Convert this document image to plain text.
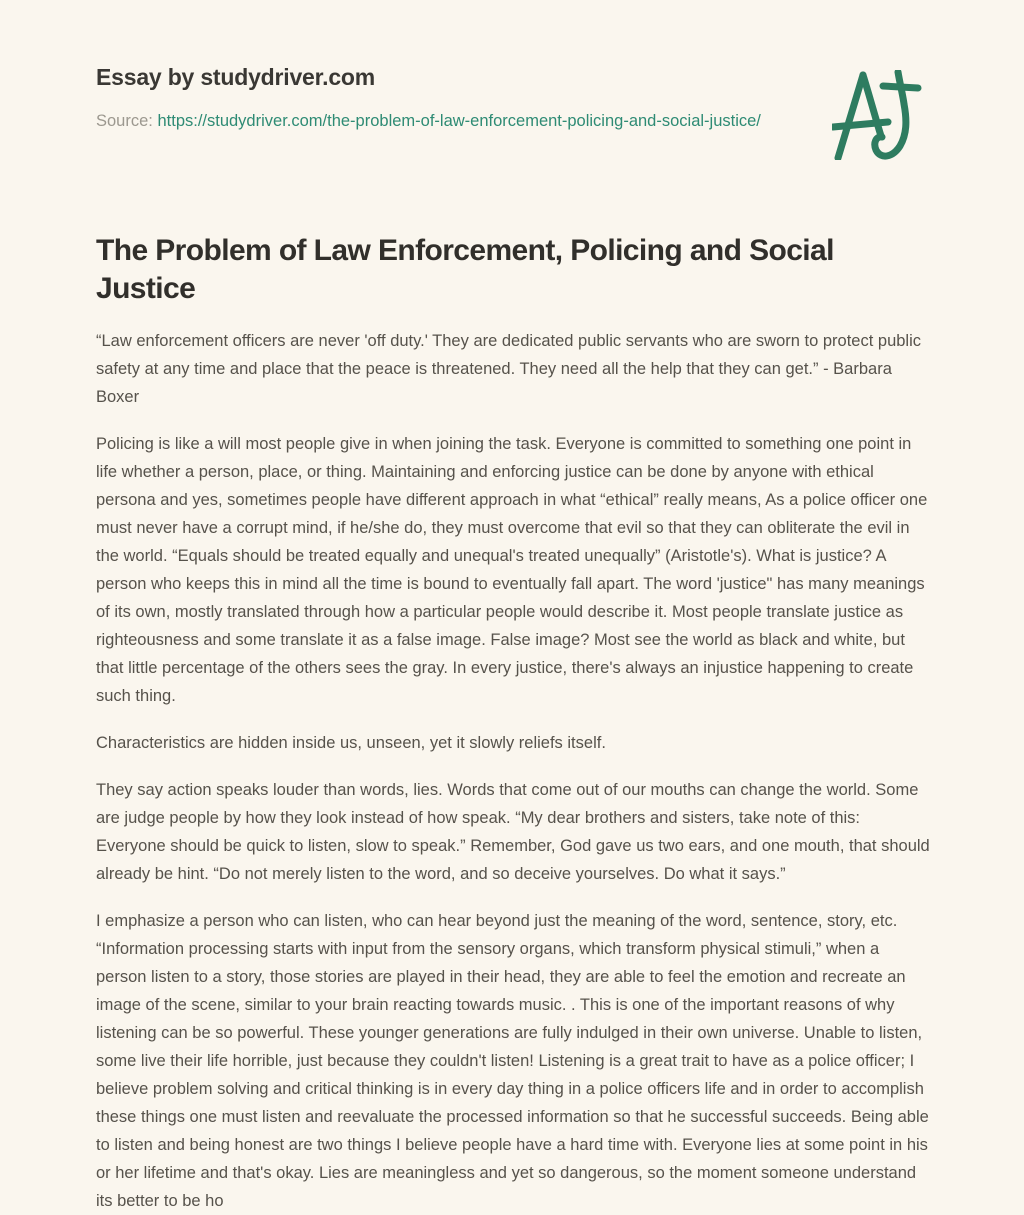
Essay by studydriver.com

Source: https://studydriver.com/the-problem-of-law-enforcement-policing-and-social-justice/

The Problem of Law Enforcement, Policing and Social Justice

“Law enforcement officers are never 'off duty.' They are dedicated public servants who are sworn to protect public safety at any time and place that the peace is threatened. They need all the help that they can get.” - Barbara Boxer

Policing is like a will most people give in when joining the task. Everyone is committed to something one point in life whether a person, place, or thing. Maintaining and enforcing justice can be done by anyone with ethical persona and yes, sometimes people have different approach in what “ethical” really means, As a police officer one must never have a corrupt mind, if he/she do, they must overcome that evil so that they can obliterate the evil in the world. “Equals should be treated equally and unequal's treated unequally” (Aristotle's). What is justice? A person who keeps this in mind all the time is bound to eventually fall apart. The word 'justice" has many meanings of its own, mostly translated through how a particular people would describe it. Most people translate justice as righteousness and some translate it as a false image. False image? Most see the world as black and white, but that little percentage of the others sees the gray. In every justice, there's always an injustice happening to create such thing.

Characteristics are hidden inside us, unseen, yet it slowly reliefs itself.

They say action speaks louder than words, lies. Words that come out of our mouths can change the world. Some are judge people by how they look instead of how speak. “My dear brothers and sisters, take note of this: Everyone should be quick to listen, slow to speak.” Remember, God gave us two ears, and one mouth, that should already be hint. “Do not merely listen to the word, and so deceive yourselves. Do what it says.”

I emphasize a person who can listen, who can hear beyond just the meaning of the word, sentence, story, etc. “Information processing starts with input from the sensory organs, which transform physical stimuli,” when a person listen to a story, those stories are played in their head, they are able to feel the emotion and recreate an image of the scene, similar to your brain reacting towards music. . This is one of the important reasons of why listening can be so powerful. These younger generations are fully indulged in their own universe. Unable to listen, some live their life horrible, just because they couldn't listen! Listening is a great trait to have as a police officer; I believe problem solving and critical thinking is in every day thing in a police officers life and in order to accomplish these things one must listen and reevaluate the processed information so that he successful succeeds. Being able to listen and being honest are two things I believe people have a hard time with. Everyone lies at some point in his or her lifetime and that's okay. Lies are meaningless and yet so dangerous, so the moment someone understand its better to be ho
